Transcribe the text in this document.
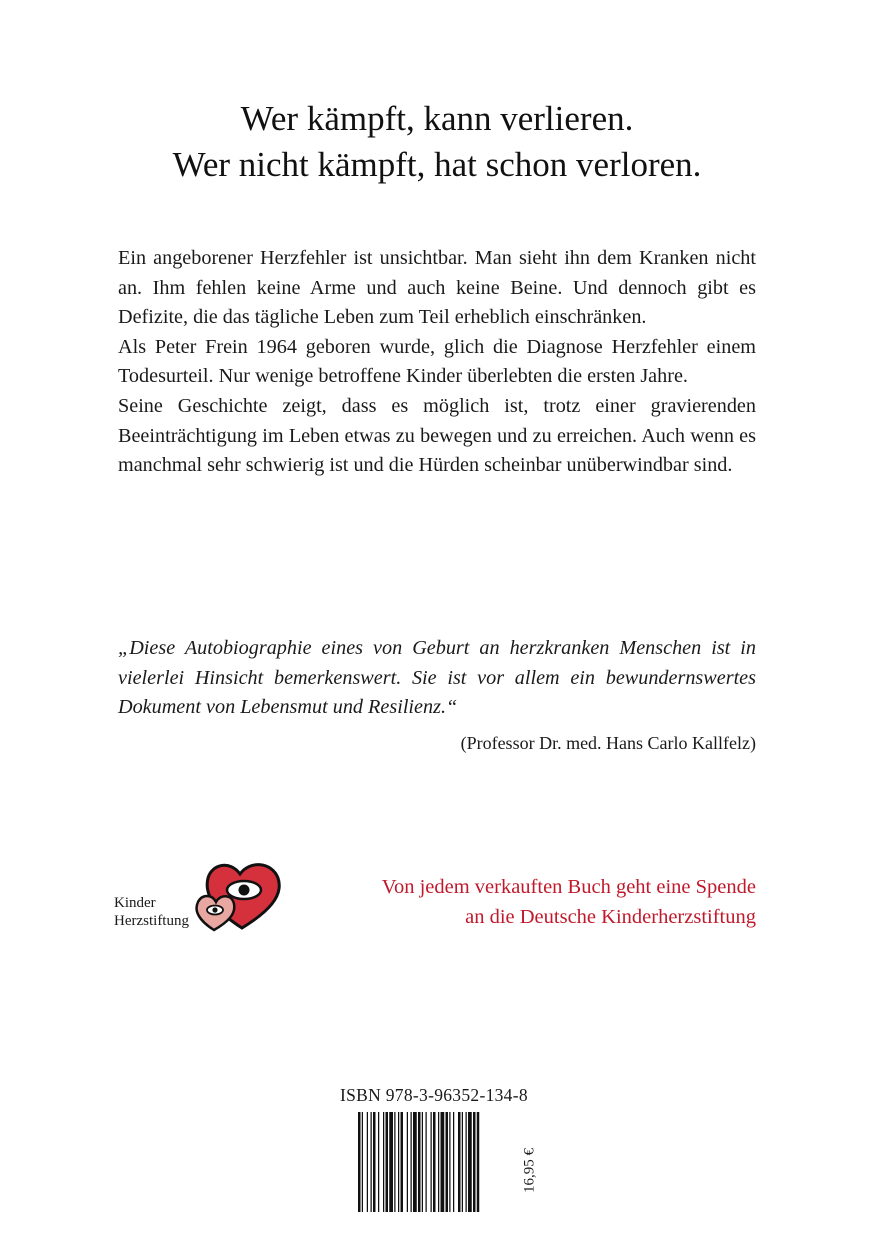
Wer kämpft, kann verlieren.
Wer nicht kämpft, hat schon verloren.

Ein angeborener Herzfehler ist unsichtbar. Man sieht ihn dem Kranken nicht an. Ihm fehlen keine Arme und auch keine Beine. Und dennoch gibt es Defizite, die das tägliche Leben zum Teil erheblich einschränken.

Als Peter Frein 1964 geboren wurde, glich die Diagnose Herzfehler einem Todesurteil. Nur wenige betroffene Kinder überlebten die ersten Jahre.

Seine Geschichte zeigt, dass es möglich ist, trotz einer gravierenden Beeinträchtigung im Leben etwas zu bewegen und zu erreichen. Auch wenn es manchmal sehr schwierig ist und die Hürden scheinbar unüberwindbar sind.

„Diese Autobiographie eines von Geburt an herzkranken Menschen ist in vielerlei Hinsicht bemerkenswert. Sie ist vor allem ein bewundernswertes Dokument von Lebensmut und Resilienz.“
(Professor Dr. med. Hans Carlo Kallfelz)
Kinder
Herzstiftung
Von jedem verkauften Buch geht eine Spende
an die Deutsche Kinderherzstiftung
ISBN 978-3-96352-134-8
16,95 €
